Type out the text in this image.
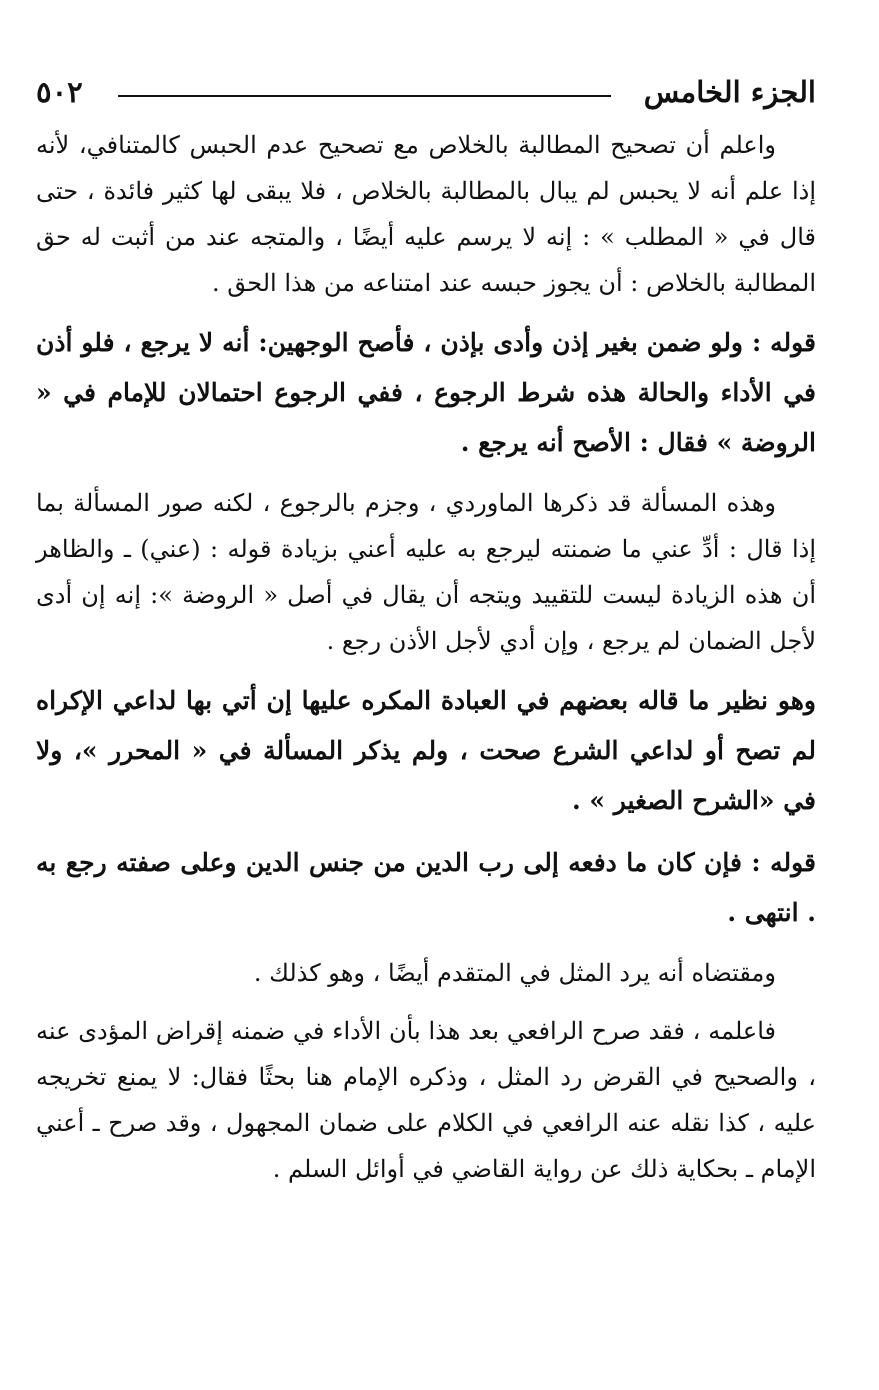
الجزء الخامس
٥٠٢

واعلم أن تصحيح المطالبة بالخلاص مع تصحيح عدم الحبس كالمتنافي، لأنه إذا علم أنه لا يحبس لم يبال بالمطالبة بالخلاص ، فلا يبقى لها كثير فائدة ، حتى قال في « المطلب » : إنه لا يرسم عليه أيضًا ، والمتجه عند من أثبت له حق المطالبة بالخلاص : أن يجوز حبسه عند امتناعه من هذا الحق .

قوله : ولو ضمن بغير إذن وأدى بإذن ، فأصح الوجهين: أنه لا يرجع ، فلو أذن في الأداء والحالة هذه شرط الرجوع ، ففي الرجوع احتمالان للإمام في « الروضة » فقال : الأصح أنه يرجع .

وهذه المسألة قد ذكرها الماوردي ، وجزم بالرجوع ، لكنه صور المسألة بما إذا قال : أدِّ عني ما ضمنته ليرجع به عليه أعني بزيادة قوله : (عني) ـ والظاهر أن هذه الزيادة ليست للتقييد ويتجه أن يقال في أصل « الروضة »: إنه إن أدى لأجل الضمان لم يرجع ، وإن أدي لأجل الأذن رجع .

وهو نظير ما قاله بعضهم في العبادة المكره عليها إن أتي بها لداعي الإكراه لم تصح أو لداعي الشرع صحت ، ولم يذكر المسألة في « المحرر »، ولا في «الشرح الصغير » .

قوله : فإن كان ما دفعه إلى رب الدين من جنس الدين وعلى صفته رجع به . انتهى .

ومقتضاه أنه يرد المثل في المتقدم أيضًا ، وهو كذلك .

فاعلمه ، فقد صرح الرافعي بعد هذا بأن الأداء في ضمنه إقراض المؤدى عنه ، والصحيح في القرض رد المثل ، وذكره الإمام هنا بحثًا فقال: لا يمنع تخريجه عليه ، كذا نقله عنه الرافعي في الكلام على ضمان المجهول ، وقد صرح ـ أعني الإمام ـ بحكاية ذلك عن رواية القاضي في أوائل السلم .
